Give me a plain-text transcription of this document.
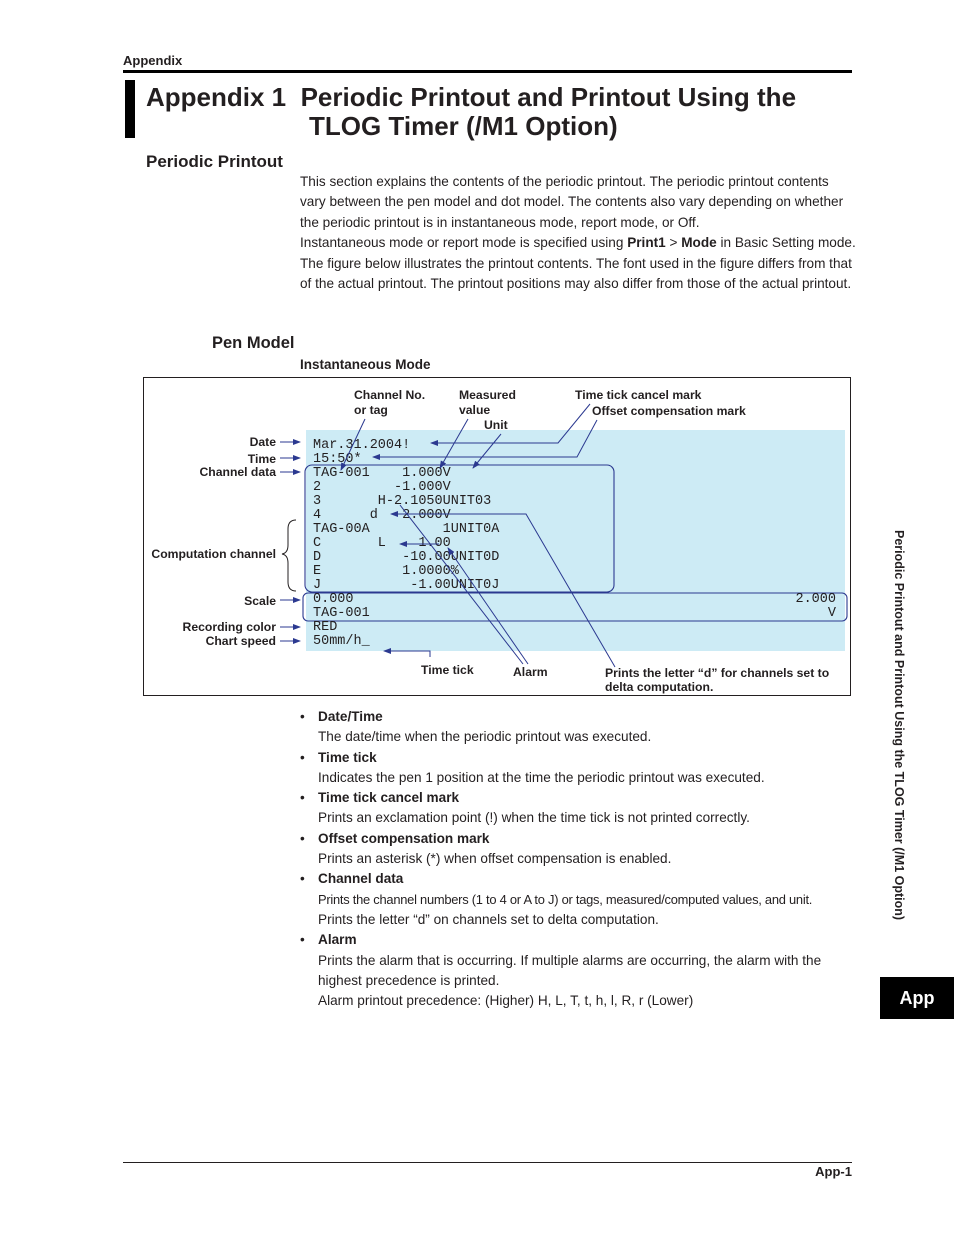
Appendix
Appendix 1  Periodic Printout and Printout Using the
TLOG Timer (/M1 Option)
Periodic Printout

This section explains the contents of the periodic printout. The periodic printout contents vary between the pen model and dot model. The contents also vary depending on whether the periodic printout is in instantaneous mode, report mode, or Off.

Instantaneous mode or report mode is specified using Print1 > Mode in Basic Setting mode.

The figure below illustrates the printout contents. The font used in the figure differs from that of the actual printout. The printout positions may also differ from those of the actual printout.

Pen Model
Instantaneous Mode
Mar.31.2004!
15:50*
TAG-001    1.000V
2         -1.000V
3       H-2.1050UNIT03
4      d   2.000V
TAG-00A         1UNIT0A
C       L    1.00
D          -10.00UNIT0D
E          1.0000%
J           -1.00UNIT0J
0.000	2.000
TAG-001	V
RED
50mm/h_
Date
Time
Channel data
Computation channel
Scale
Recording color
Chart speed
Channel No.
or tag
Measured
value
Unit
Time tick cancel mark
Offset compensation mark
Time tick	Alarm	Prints the letter “d” for channels set to
delta computation.
• Date/Time

The date/time when the periodic printout was executed.

• Time tick

Indicates the pen 1 position at the time the periodic printout was executed.

• Time tick cancel mark

Prints an exclamation point (!) when the time tick is not printed correctly.

• Offset compensation mark

Prints an asterisk (*) when offset compensation is enabled.

• Channel data

Prints the channel numbers (1 to 4 or A to J) or tags, measured/computed values, and unit.

Prints the letter “d” on channels set to delta computation.

• Alarm

Prints the alarm that is occurring. If multiple alarms are occurring, the alarm with the highest precedence is printed.

Alarm printout precedence: (Higher) H, L, T, t, h, l, R, r (Lower)

Periodic Printout and Printout Using the TLOG Timer (/M1 Option)
App
App-1
